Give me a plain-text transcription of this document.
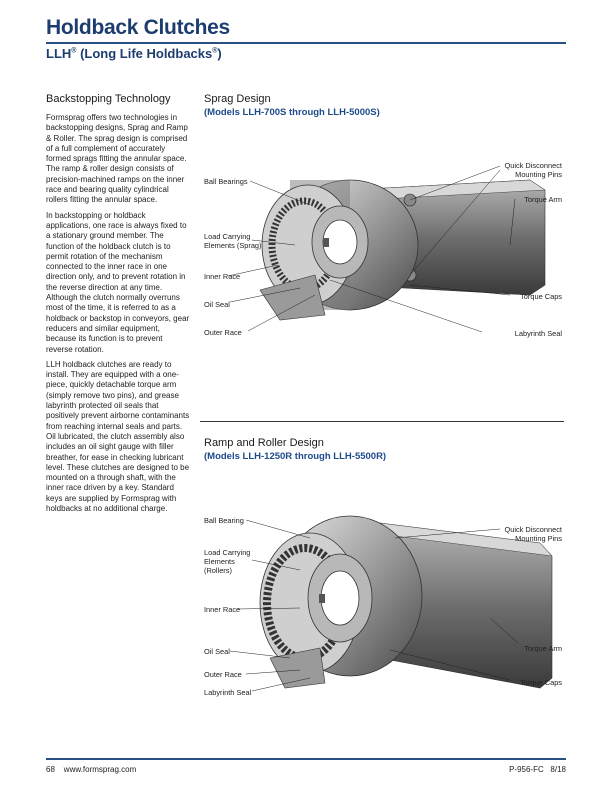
Holdback Clutches
LLH® (Long Life Holdbacks®)
Backstopping Technology

Formsprag offers two technologies in backstopping designs, Sprag and Ramp & Roller. The sprag design is comprised of a full complement of accurately formed sprags fitting the annular space. The ramp & roller design consists of precision-machined ramps on the inner race and bearing quality cylindrical rollers fitting the annular space.

In backstopping or holdback applications, one race is always fixed to a stationary ground member. The function of the holdback clutch is to permit rotation of the mechanism connected to the inner race in one direction only, and to prevent rotation in the reverse direction at any time. Although the clutch normally overruns most of the time, it is referred to as a holdback or backstop in conveyors, gear reducers and similar equipment, because its function is to prevent reverse rotation.

LLH holdback clutches are ready to install. They are equipped with a one-piece, quickly detachable torque arm (simply remove two pins), and grease labyrinth protected oil seals that positively prevent airborne contaminants from reaching internal seals and parts. Oil lubricated, the clutch assembly also includes an oil sight gauge with filler breather, for ease in checking lubricant level. These clutches are designed to be mounted on a through shaft, with the inner race driven by a key. Standard keys are supplied by Formsprag with holdbacks at no additional charge.

Sprag Design
(Models LLH-700S through LLH-5000S)
Ball Bearings
Load Carrying Elements (Sprag)
Inner Race
Oil Seal
Outer Race
Quick Disconnect Mounting Pins
Torque Arm
Torque Caps
Labyrinth Seal
Ramp and Roller Design
(Models LLH-1250R through LLH-5500R)
Ball Bearing
Load Carrying Elements (Rollers)
Inner Race
Oil Seal
Outer Race
Labyrinth Seal
Quick Disconnect Mounting Pins
Torque Arm
Torque Caps
68 www.formsprag.com	P-956-FC 8/18
